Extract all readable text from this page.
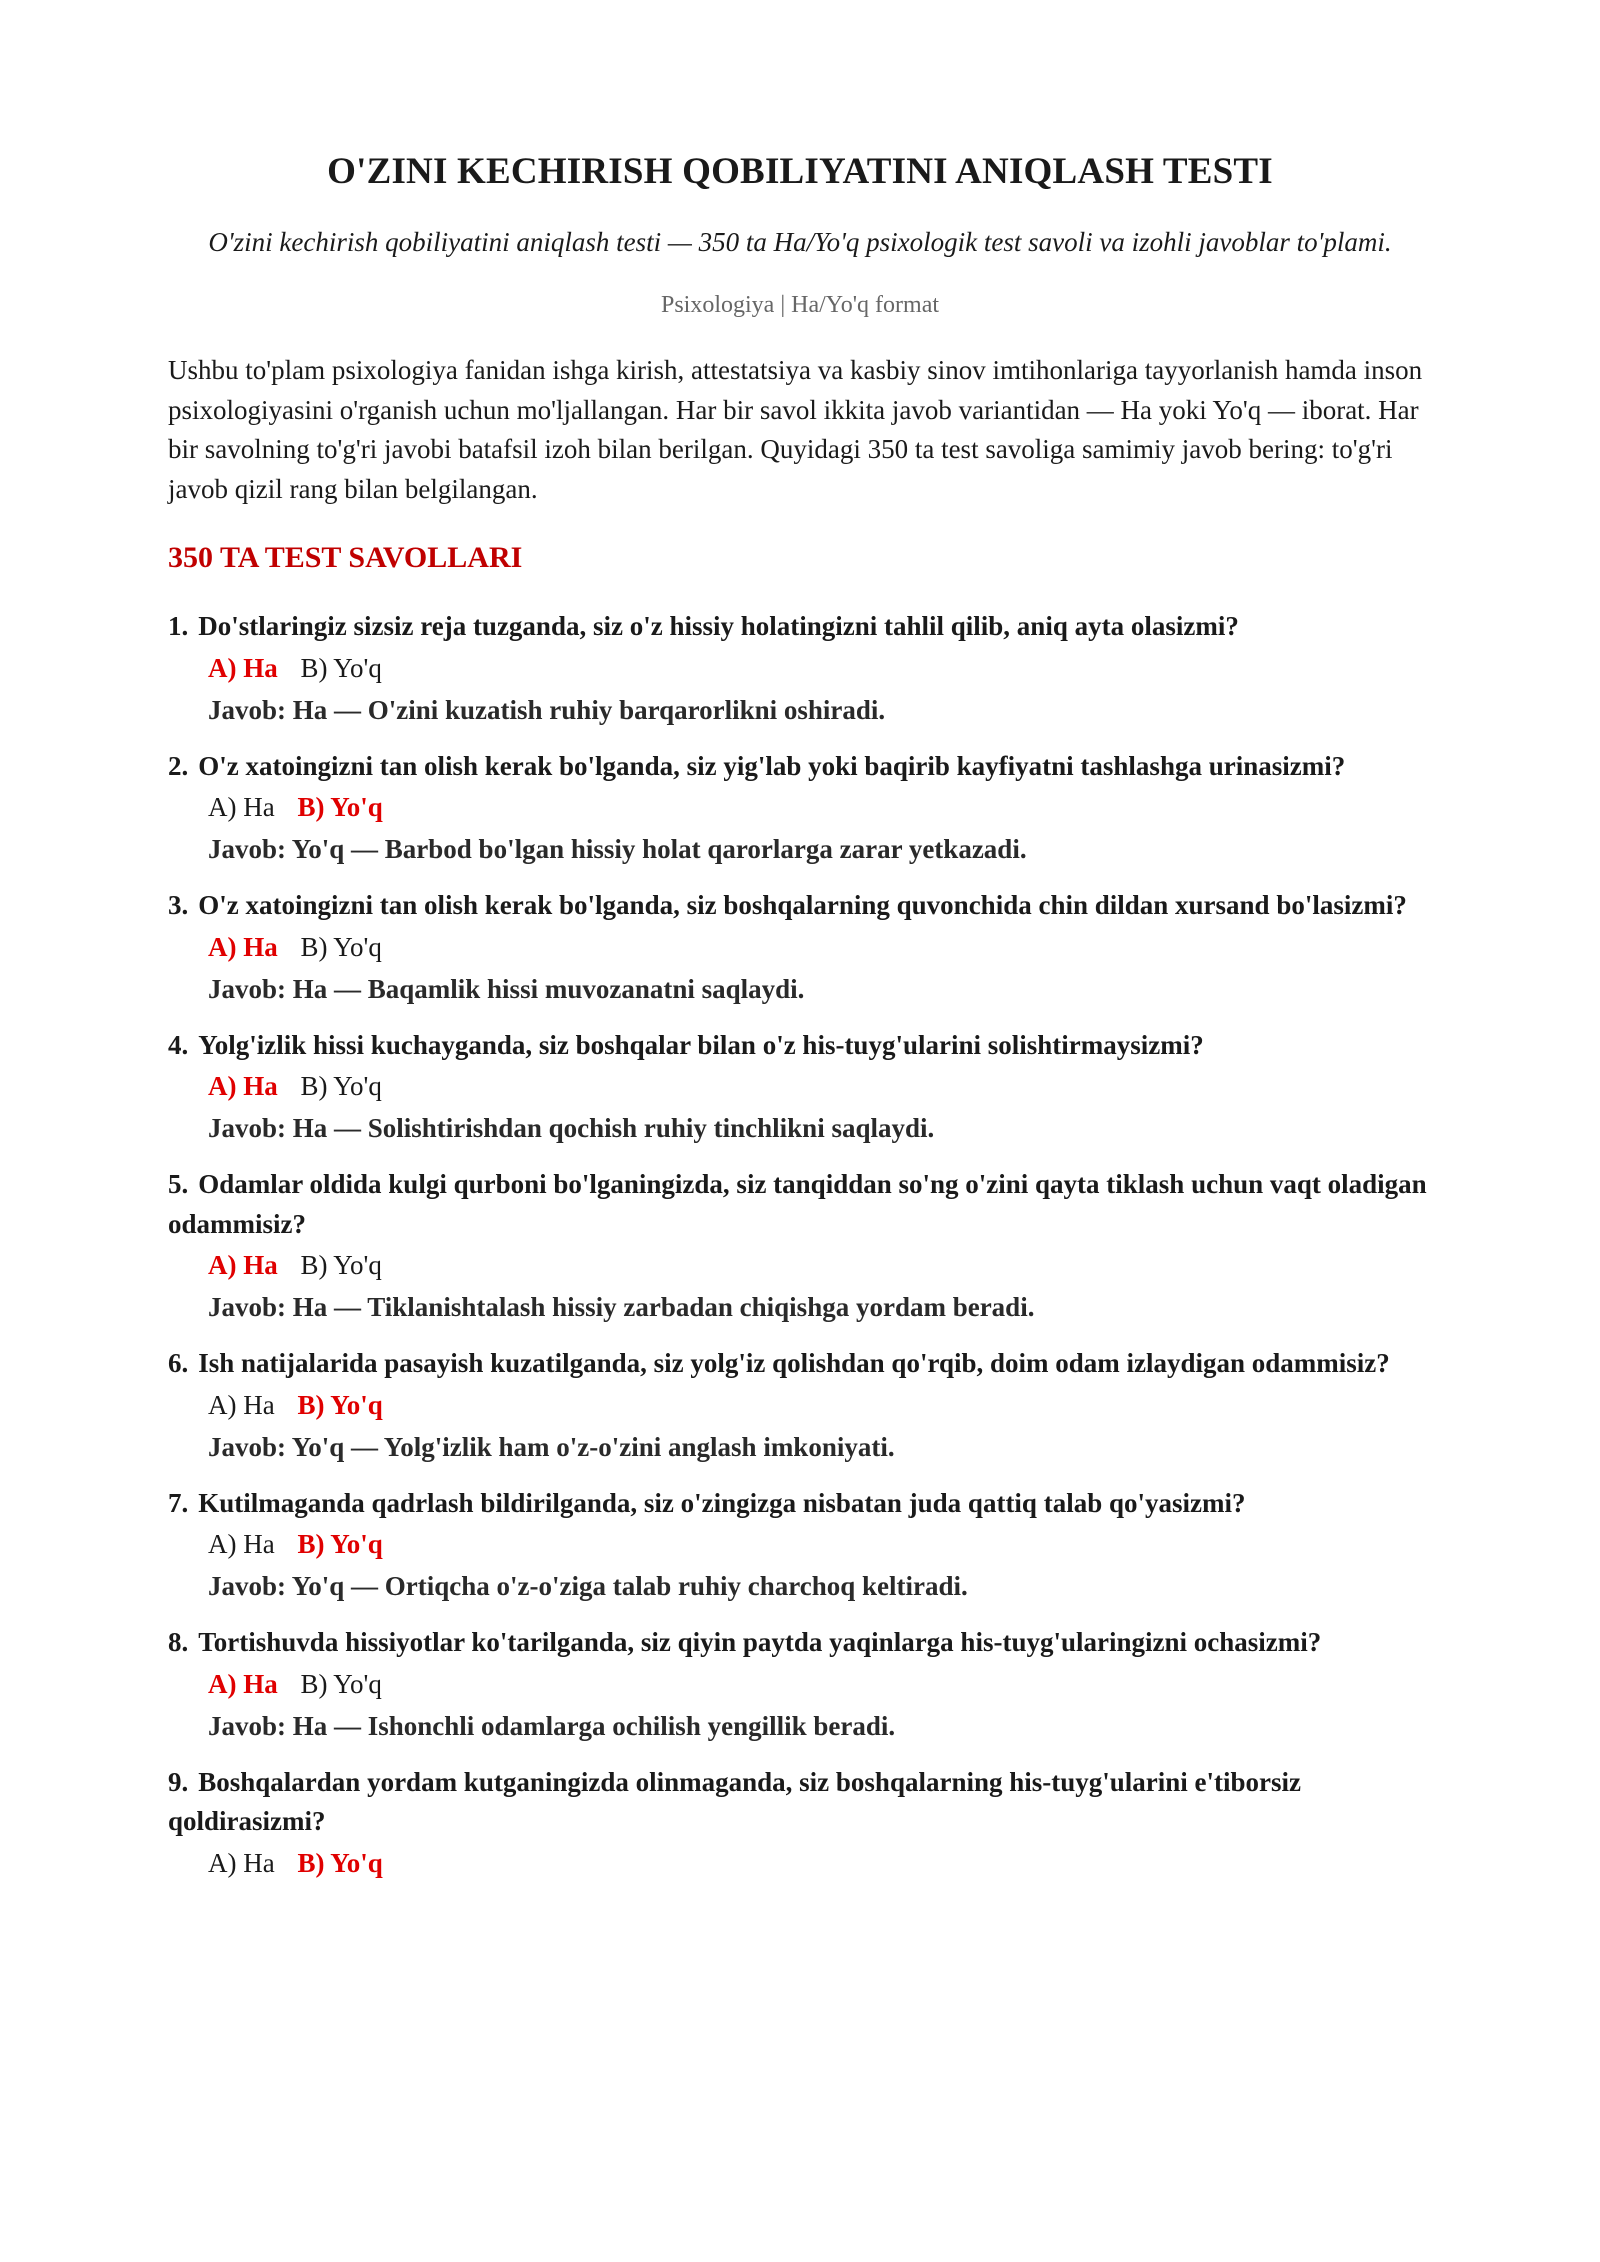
O'ZINI KECHIRISH QOBILIYATINI ANIQLASH TESTI

O'zini kechirish qobiliyatini aniqlash testi — 350 ta Ha/Yo'q psixologik test savoli va izohli javoblar to'plami.

Psixologiya | Ha/Yo'q format

Ushbu to'plam psixologiya fanidan ishga kirish, attestatsiya va kasbiy sinov imtihonlariga tayyorlanish hamda inson psixologiyasini o'rganish uchun mo'ljallangan. Har bir savol ikkita javob variantidan — Ha yoki Yo'q — iborat. Har bir savolning to'g'ri javobi batafsil izoh bilan berilgan. Quyidagi 350 ta test savoliga samimiy javob bering: to'g'ri javob qizil rang bilan belgilangan.

350 TA TEST SAVOLLARI

1. Do'stlaringiz sizsiz reja tuzganda, siz o'z hissiy holatingizni tahlil qilib, aniq ayta olasizmi?

A) Ha B) Yo'q

Javob: Ha — O'zini kuzatish ruhiy barqarorlikni oshiradi.

2. O'z xatoingizni tan olish kerak bo'lganda, siz yig'lab yoki baqirib kayfiyatni tashlashga urinasizmi?

A) Ha B) Yo'q

Javob: Yo'q — Barbod bo'lgan hissiy holat qarorlarga zarar yetkazadi.

3. O'z xatoingizni tan olish kerak bo'lganda, siz boshqalarning quvonchida chin dildan xursand bo'lasizmi?

A) Ha B) Yo'q

Javob: Ha — Baqamlik hissi muvozanatni saqlaydi.

4. Yolg'izlik hissi kuchayganda, siz boshqalar bilan o'z his-tuyg'ularini solishtirmaysizmi?

A) Ha B) Yo'q

Javob: Ha — Solishtirishdan qochish ruhiy tinchlikni saqlaydi.

5. Odamlar oldida kulgi qurboni bo'lganingizda, siz tanqiddan so'ng o'zini qayta tiklash uchun vaqt oladigan odammisiz?

A) Ha B) Yo'q

Javob: Ha — Tiklanishtalash hissiy zarbadan chiqishga yordam beradi.

6. Ish natijalarida pasayish kuzatilganda, siz yolg'iz qolishdan qo'rqib, doim odam izlaydigan odammisiz?

A) Ha B) Yo'q

Javob: Yo'q — Yolg'izlik ham o'z-o'zini anglash imkoniyati.

7. Kutilmaganda qadrlash bildirilganda, siz o'zingizga nisbatan juda qattiq talab qo'yasizmi?

A) Ha B) Yo'q

Javob: Yo'q — Ortiqcha o'z-o'ziga talab ruhiy charchoq keltiradi.

8. Tortishuvda hissiyotlar ko'tarilganda, siz qiyin paytda yaqinlarga his-tuyg'ularingizni ochasizmi?

A) Ha B) Yo'q

Javob: Ha — Ishonchli odamlarga ochilish yengillik beradi.

9. Boshqalardan yordam kutganingizda olinmaganda, siz boshqalarning his-tuyg'ularini e'tiborsiz qoldirasizmi?

A) Ha B) Yo'q
